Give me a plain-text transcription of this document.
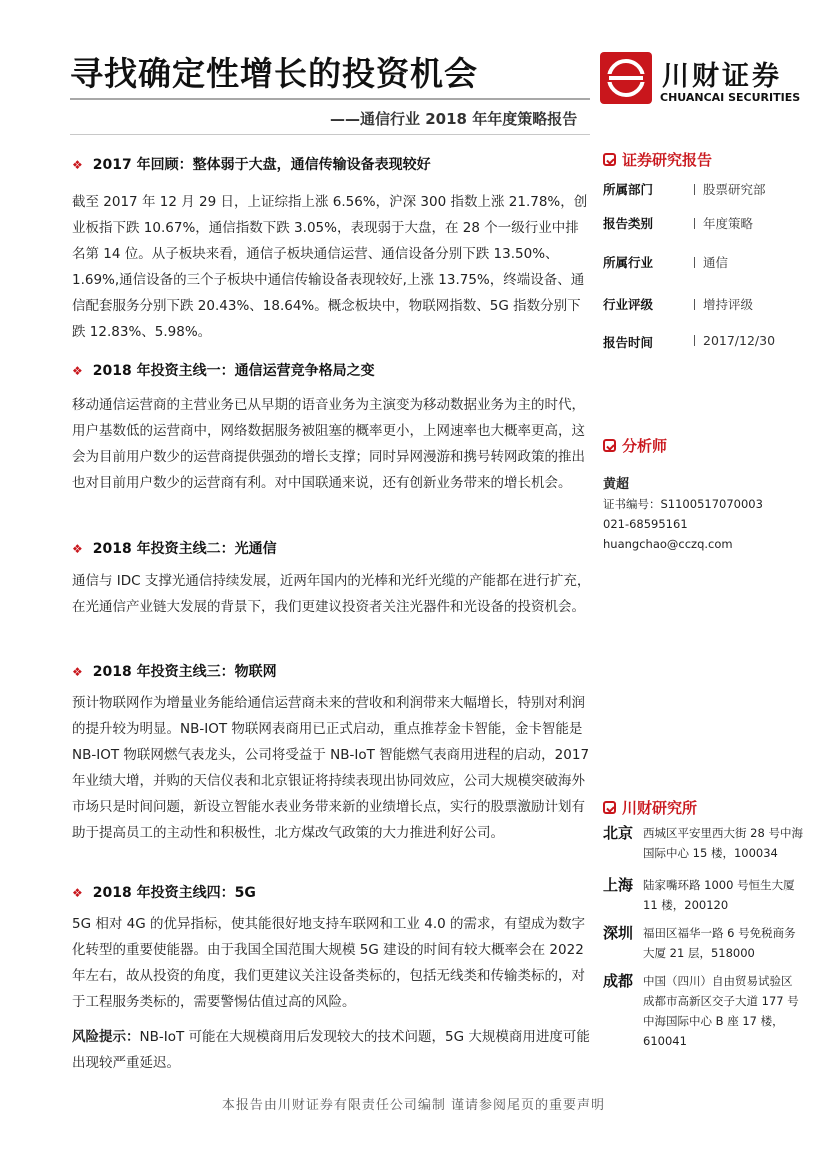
寻找确定性增长的投资机会
——通信行业 2018 年年度策略报告
川财证券
CHUANCAI SECURITIES
❖ 2017 年回顾：整体弱于大盘，通信传输设备表现较好

截至 2017 年 12 月 29 日，上证综指上涨 6.56%，沪深 300 指数上涨 21.78%，创业板指下跌 10.67%，通信指数下跌 3.05%，表现弱于大盘，在 28 个一级行业中排名第 14 位。从子板块来看，通信子板块通信运营、通信设备分别下跌 13.50%、1.69%,通信设备的三个子板块中通信传输设备表现较好,上涨 13.75%，终端设备、通信配套服务分别下跌 20.43%、18.64%。概念板块中，物联网指数、5G 指数分别下跌 12.83%、5.98%。

❖ 2018 年投资主线一：通信运营竞争格局之变

移动通信运营商的主营业务已从早期的语音业务为主演变为移动数据业务为主的时代，用户基数低的运营商中，网络数据服务被阻塞的概率更小，上网速率也大概率更高，这会为目前用户数少的运营商提供强劲的增长支撑；同时异网漫游和携号转网政策的推出也对目前用户数少的运营商有利。对中国联通来说，还有创新业务带来的增长机会。

❖ 2018 年投资主线二：光通信

通信与 IDC 支撑光通信持续发展，近两年国内的光棒和光纤光缆的产能都在进行扩充，在光通信产业链大发展的背景下，我们更建议投资者关注光器件和光设备的投资机会。

❖ 2018 年投资主线三：物联网

预计物联网作为增量业务能给通信运营商未来的营收和利润带来大幅增长，特别对利润的提升较为明显。NB-IOT 物联网表商用已正式启动，重点推荐金卡智能，金卡智能是 NB-IOT 物联网燃气表龙头，公司将受益于 NB-IoT 智能燃气表商用进程的启动，2017 年业绩大增，并购的天信仪表和北京银证将持续表现出协同效应，公司大规模突破海外市场只是时间问题，新设立智能水表业务带来新的业绩增长点，实行的股票激励计划有助于提高员工的主动性和积极性，北方煤改气政策的大力推进利好公司。

❖ 2018 年投资主线四：5G

5G 相对 4G 的优异指标，使其能很好地支持车联网和工业 4.0 的需求，有望成为数字化转型的重要使能器。由于我国全国范围大规模 5G 建设的时间有较大概率会在 2022 年左右，故从投资的角度，我们更建议关注设备类标的，包括无线类和传输类标的，对于工程服务类标的，需要警惕估值过高的风险。

风险提示：NB-IoT 可能在大规模商用后发现较大的技术问题，5G 大规模商用进度可能出现较严重延迟。

证券研究报告
所属部门	股票研究部
报告类别	年度策略
所属行业	通信
行业评级	增持评级
报告时间	2017/12/30
分析师
黄超
证书编号：S1100517070003
021-68595161
huangchao@cczq.com
川财研究所
北京 西城区平安里西大街 28 号中海国际中心 15 楼，100034
上海 陆家嘴环路 1000 号恒生大厦 11 楼，200120
深圳 福田区福华一路 6 号免税商务大厦 21 层，518000
成都 中国（四川）自由贸易试验区成都市高新区交子大道 177 号中海国际中心 B 座 17 楼，610041
本报告由川财证券有限责任公司编制 谨请参阅尾页的重要声明
